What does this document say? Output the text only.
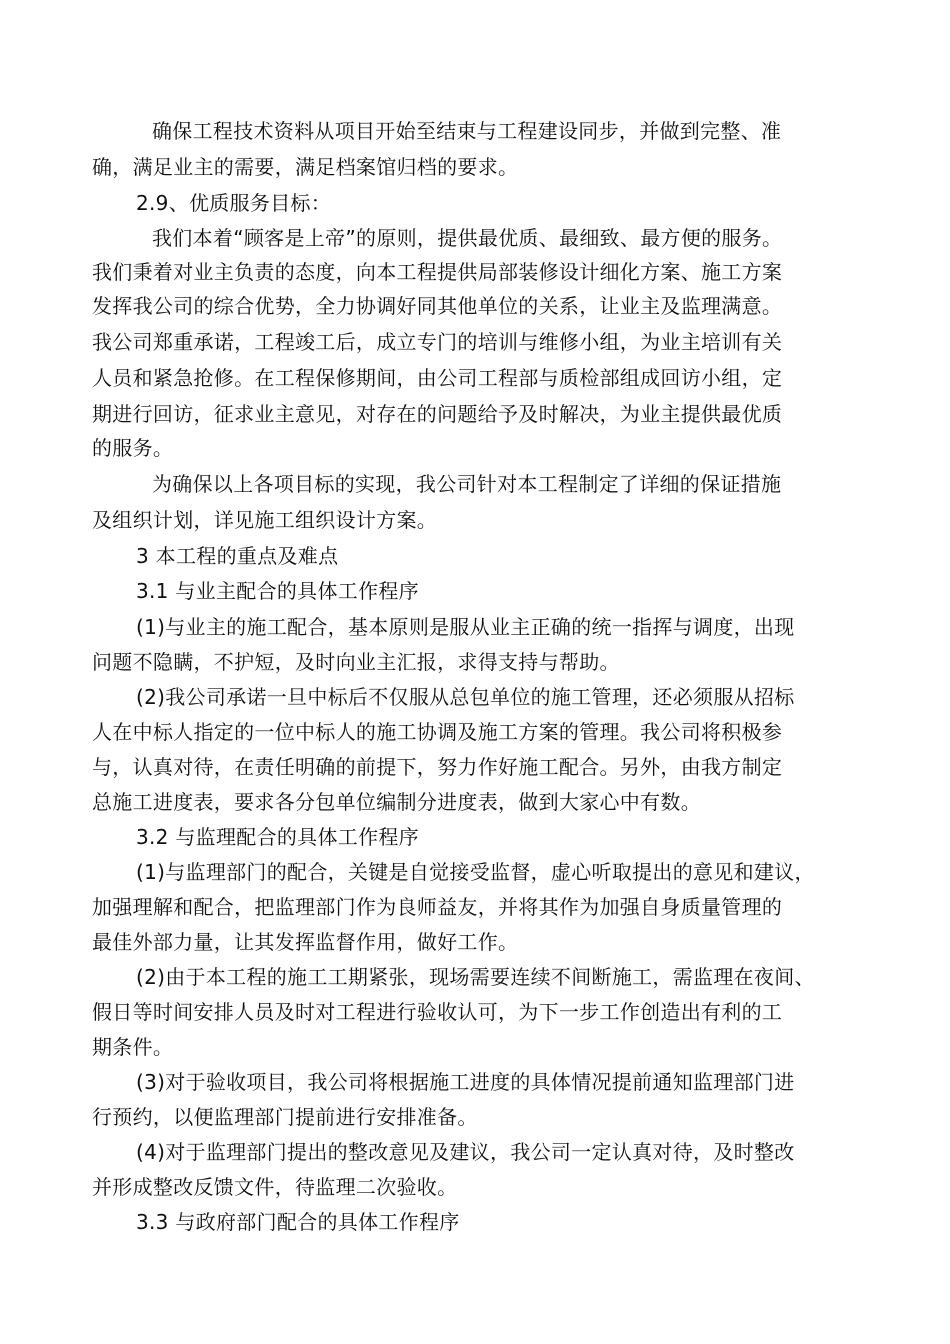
确保工程技术资料从项目开始至结束与工程建设同步，并做到完整、准
确，满足业主的需要，满足档案馆归档的要求。
2.9、优质服务目标：
我们本着“顾客是上帝”的原则，提供最优质、最细致、最方便的服务。
我们秉着对业主负责的态度，向本工程提供局部装修设计细化方案、施工方案
发挥我公司的综合优势，全力协调好同其他单位的关系，让业主及监理满意。
我公司郑重承诺，工程竣工后，成立专门的培训与维修小组，为业主培训有关
人员和紧急抢修。在工程保修期间，由公司工程部与质检部组成回访小组，定
期进行回访，征求业主意见，对存在的问题给予及时解决，为业主提供最优质
的服务。
为确保以上各项目标的实现，我公司针对本工程制定了详细的保证措施
及组织计划，详见施工组织设计方案。
3 本工程的重点及难点
3.1 与业主配合的具体工作程序
(1)与业主的施工配合，基本原则是服从业主正确的统一指挥与调度，出现
问题不隐瞒，不护短，及时向业主汇报，求得支持与帮助。
(2)我公司承诺一旦中标后不仅服从总包单位的施工管理，还必须服从招标
人在中标人指定的一位中标人的施工协调及施工方案的管理。我公司将积极参
与，认真对待，在责任明确的前提下，努力作好施工配合。另外，由我方制定
总施工进度表，要求各分包单位编制分进度表，做到大家心中有数。
3.2 与监理配合的具体工作程序
(1)与监理部门的配合，关键是自觉接受监督，虚心听取提出的意见和建议，
加强理解和配合，把监理部门作为良师益友，并将其作为加强自身质量管理的
最佳外部力量，让其发挥监督作用，做好工作。
(2)由于本工程的施工工期紧张，现场需要连续不间断施工，需监理在夜间、
假日等时间安排人员及时对工程进行验收认可，为下一步工作创造出有利的工
期条件。
(3)对于验收项目，我公司将根据施工进度的具体情况提前通知监理部门进
行预约，以便监理部门提前进行安排准备。
(4)对于监理部门提出的整改意见及建议，我公司一定认真对待，及时整改
并形成整改反馈文件，待监理二次验收。
3.3 与政府部门配合的具体工作程序
